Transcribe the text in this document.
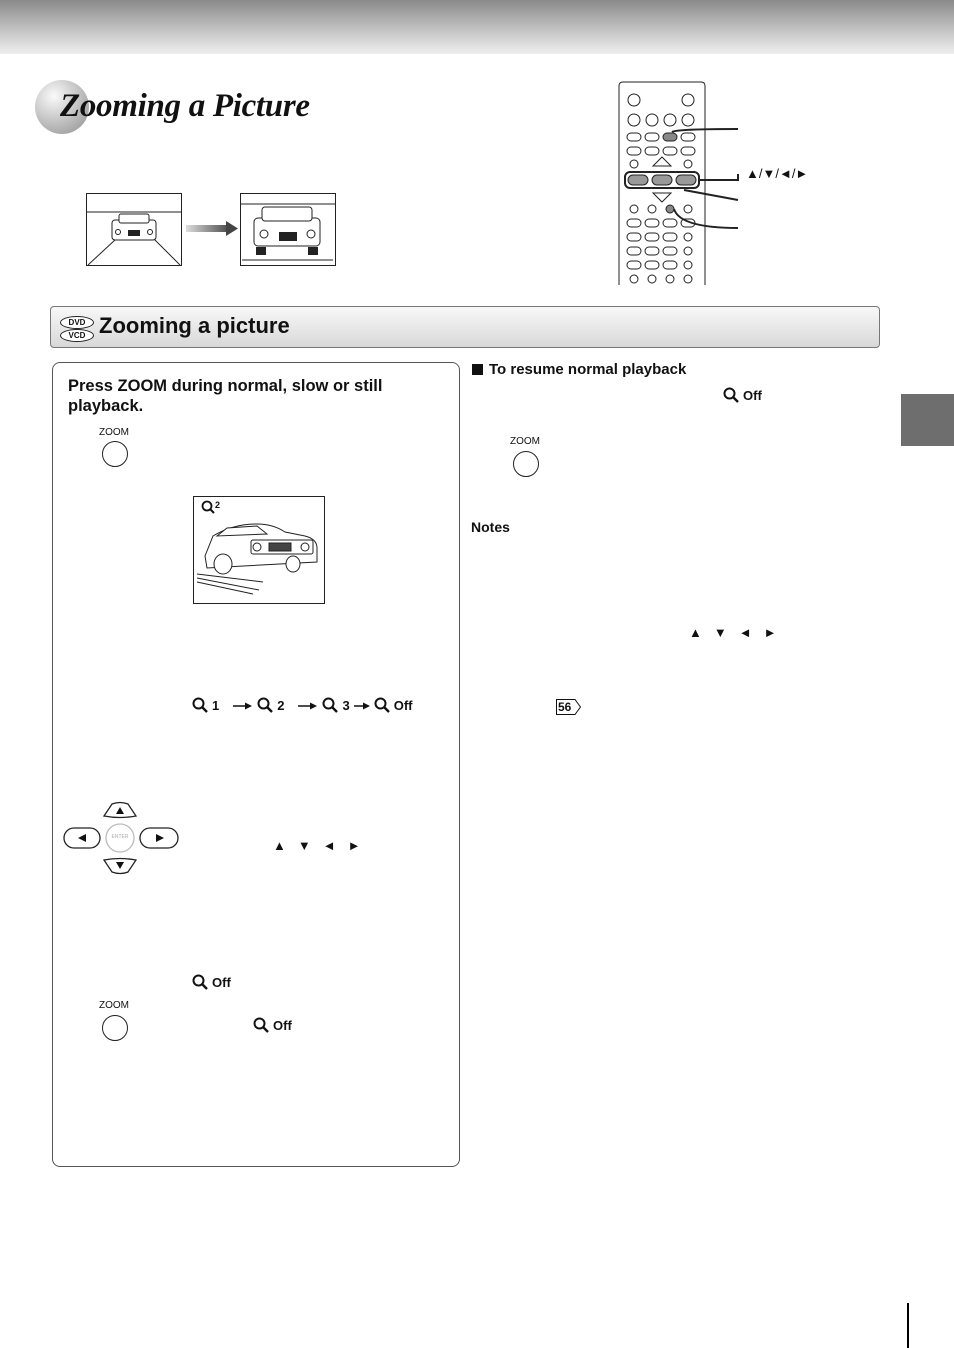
Zooming a Picture
▲/▼/◄/►
DVD
VCD Zooming a picture
Press ZOOM during normal, slow or still playback.
ZOOM
2
1	2	3	Off
ENTER
▲ ▼ ◄ ►
Off
ZOOM
Off
To resume normal playback
Off
ZOOM
Notes
▲ ▼ ◄ ►
56
